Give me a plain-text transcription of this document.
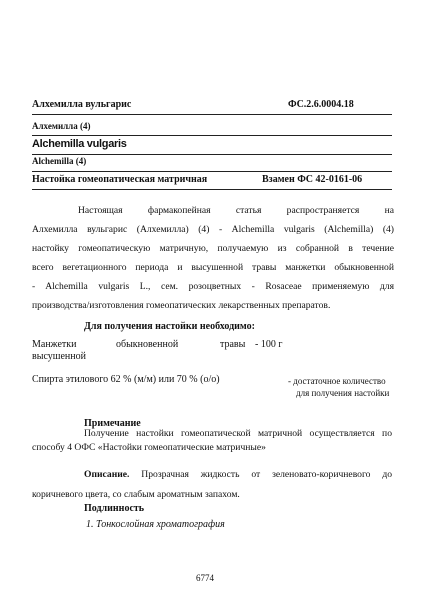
Алхемилла вульгарис	ФС.2.6.0004.18
Алхемилла (4)
Alchemilla vulgaris
Alchemilla (4)
Настойка гомеопатическая матричная	Взамен ФС 42-0161-06
Настоящая фармакопейная статья распространяется на
Алхемилла вульгарис (Алхемилла) (4) - Alchemilla vulgaris (Alchemilla) (4)
настойку гомеопатическую матричную, получаемую из собранной в течение
всего вегетационного периода и высушенной травы манжетки обыкновенной
- Alchemilla vulgaris L., сем. розоцветных - Rosaceae применяемую для
производства/изготовления гомеопатических лекарственных препаратов.
Для получения настойки необходимо:
Манжетки	обыкновенной	травы - 100 г
высушенной
Спирта этилового 62 % (м/м) или 70 % (о/о)	- достаточное количество
для получения настойки
Примечание
Получение настойки гомеопатической матричной осуществляется по
способу 4 ОФС «Настойки гомеопатические матричные»
Описание. Прозрачная жидкость от зеленовато-коричневого до
коричневого цвета, со слабым ароматным запахом.
Подлинность
1. Тонкослойная хроматография
6774
